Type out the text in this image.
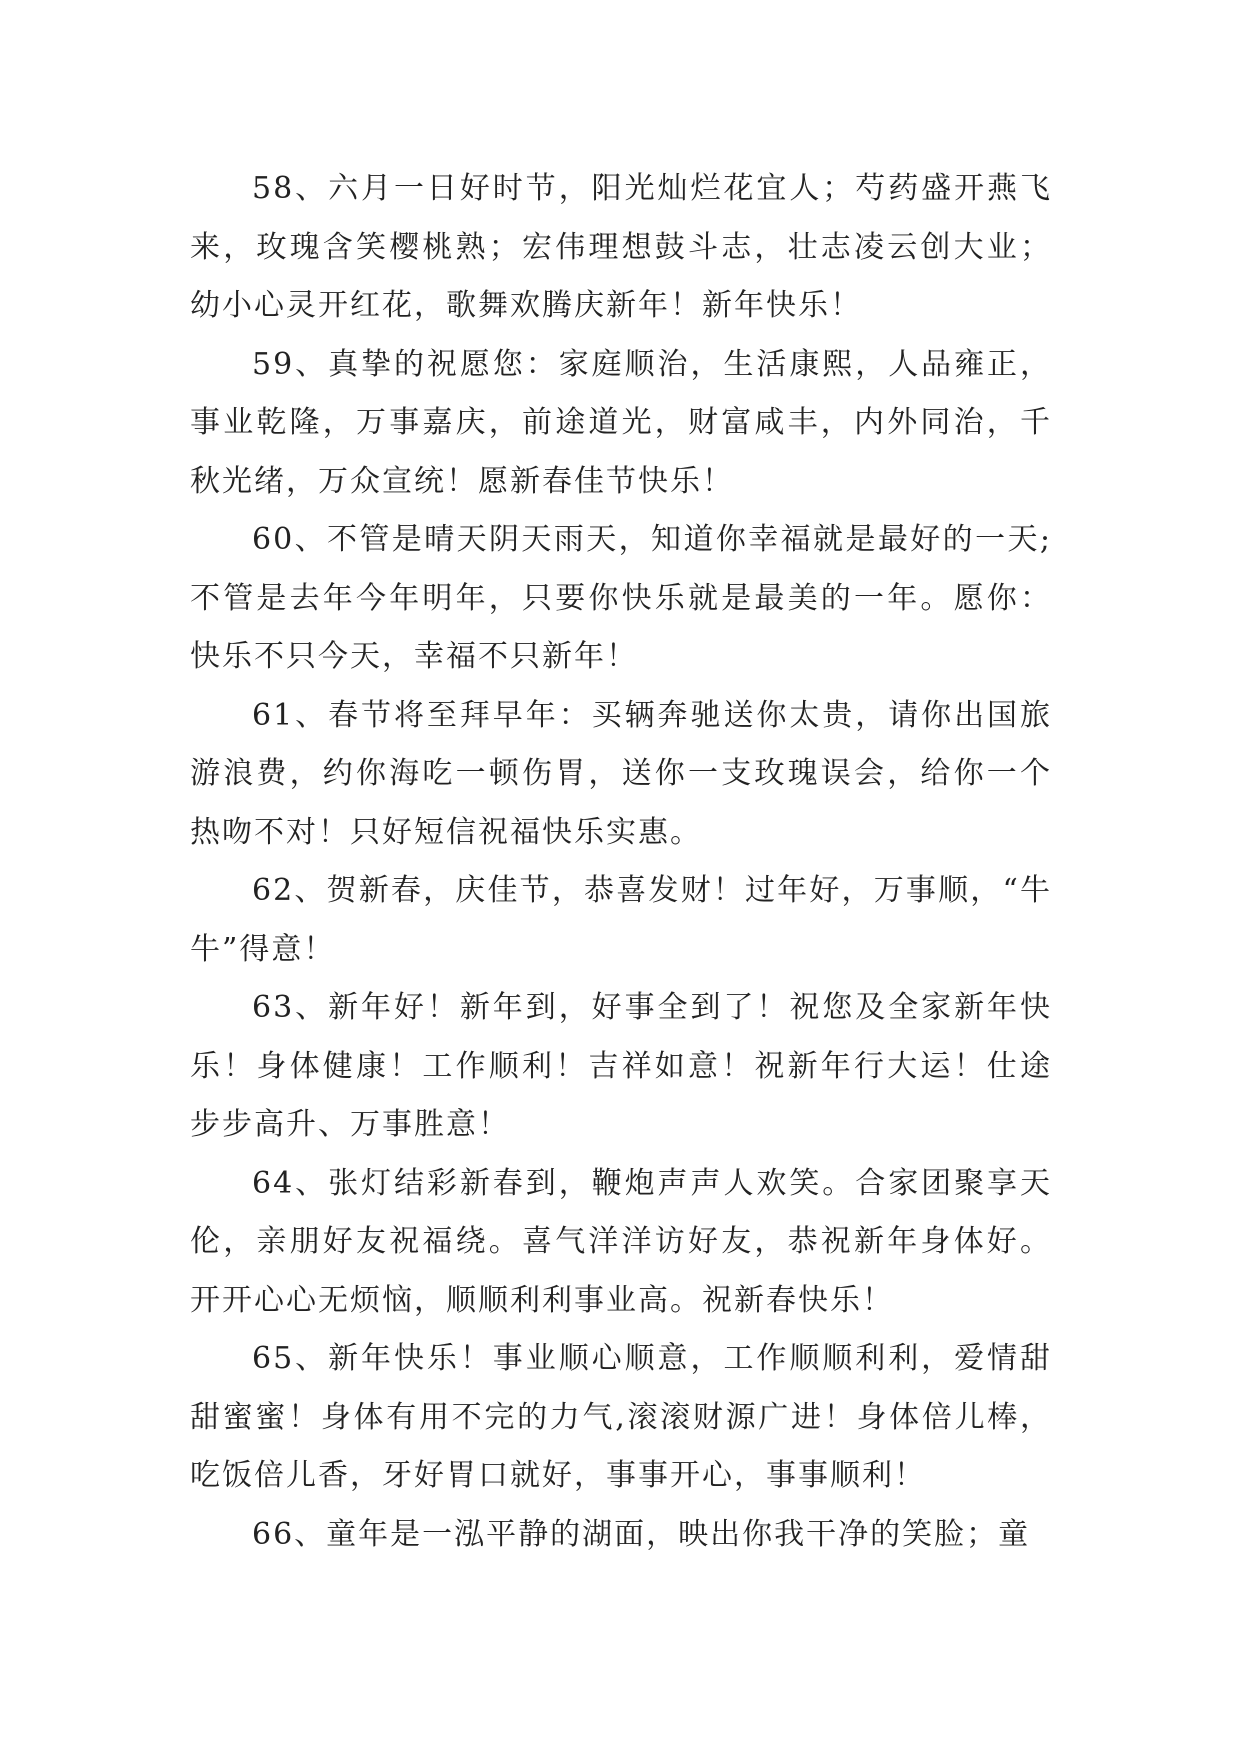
58、六月一日好时节，阳光灿烂花宜人；芍药盛开燕飞来，玫瑰含笑樱桃熟；宏伟理想鼓斗志，壮志凌云创大业；幼小心灵开红花，歌舞欢腾庆新年！新年快乐！

59、真挚的祝愿您：家庭顺治，生活康熙，人品雍正，事业乾隆，万事嘉庆，前途道光，财富咸丰，内外同治，千秋光绪，万众宣统！愿新春佳节快乐！

60、不管是晴天阴天雨天，知道你幸福就是最好的一天;不管是去年今年明年，只要你快乐就是最美的一年。愿你：快乐不只今天，幸福不只新年！

61、春节将至拜早年：买辆奔驰送你太贵，请你出国旅游浪费，约你海吃一顿伤胃，送你一支玫瑰误会，给你一个热吻不对！只好短信祝福快乐实惠。

62、贺新春，庆佳节，恭喜发财！过年好，万事顺，“牛牛”得意！

63、新年好！新年到，好事全到了！祝您及全家新年快乐！身体健康！工作顺利！吉祥如意！祝新年行大运！仕途步步高升、万事胜意！

64、张灯结彩新春到，鞭炮声声人欢笑。合家团聚享天伦，亲朋好友祝福绕。喜气洋洋访好友，恭祝新年身体好。开开心心无烦恼，顺顺利利事业高。祝新春快乐！

65、新年快乐！事业顺心顺意，工作顺顺利利，爱情甜甜蜜蜜！身体有用不完的力气,滚滚财源广进！身体倍儿棒，吃饭倍儿香，牙好胃口就好，事事开心，事事顺利！

66、童年是一泓平静的湖面，映出你我干净的笑脸；童
